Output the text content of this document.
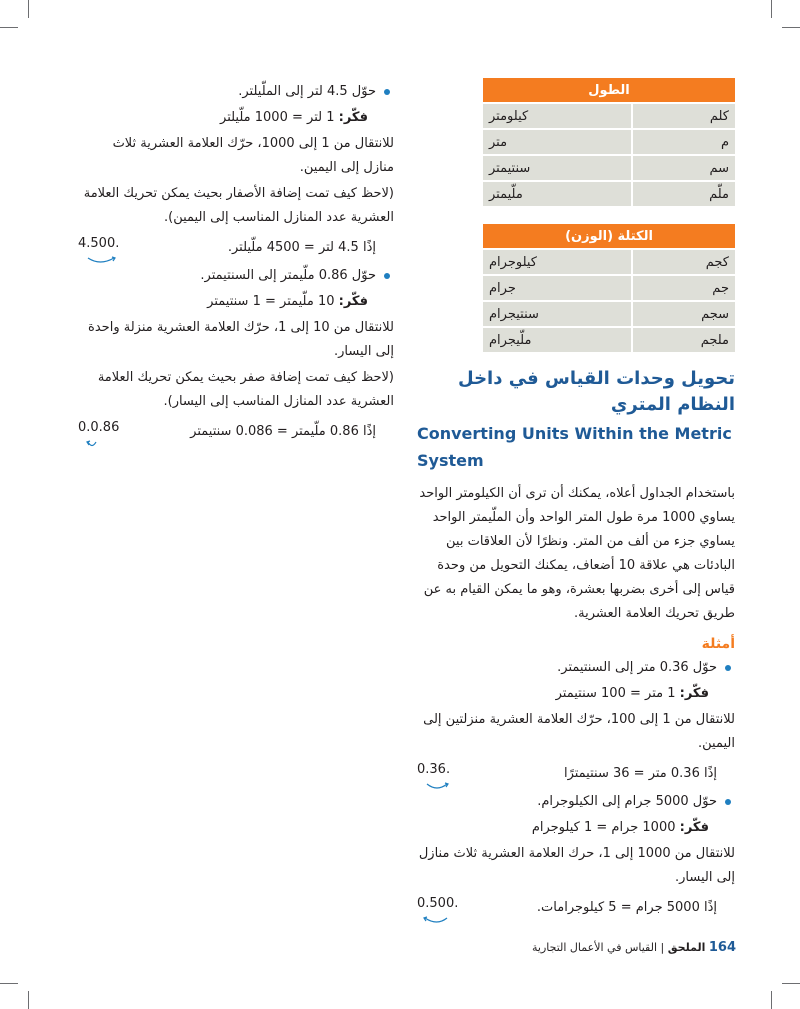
الطول	
كلم	كيلومتر
م	متر
سم	سنتيمتر
ملّم	ملّيمتر
الكتلة (الوزن)	
كجم	كيلوجرام
جم	جرام
سجم	سنتيجرام
ملجم	ملّيجرام
تحويل وحدات القياس في داخل النظام المتري
Converting Units Within the Metric System

باستخدام الجداول أعلاه، يمكنك أن ترى أن الكيلومتر الواحد يساوي 1000 مرة طول المتر الواحد وأن الملّيمتر الواحد يساوي جزء من ألف من المتر. ونظرًا لأن العلاقات بين البادئات هي علاقة 10 أضعاف، يمكنك التحويل من وحدة قياس إلى أخرى بضربها بعشرة، وهو ما يمكن القيام به عن طريق تحريك العلامة العشرية.

أمثلة
حوّل 0.36 متر إلى السنتيمتر.
فكّر: 1 متر = 100 سنتيمتر
للانتقال من 1 إلى 100، حرّك العلامة العشرية منزلتين إلى اليمين.
إذًا 0.36 متر = 36 سنتيمترًا
0.36.
حوّل 5000 جرام إلى الكيلوجرام.
فكّر: 1000 جرام = 1 كيلوجرام
للانتقال من 1000 إلى 1، حرك العلامة العشرية ثلاث منازل إلى اليسار.
إذًا 5000 جرام = 5 كيلوجرامات.
0.500.
حوّل 4.5 لتر إلى الملّيلتر.
فكّر: 1 لتر = 1000 ملّيلتر
للانتقال من 1 إلى 1000، حرّك العلامة العشرية ثلاث منازل إلى اليمين.
(لاحظ كيف تمت إضافة الأصفار بحيث يمكن تحريك العلامة العشرية عدد المنازل المناسب إلى اليمين).
إذًا 4.5 لتر = 4500 ملّيلتر.
4.500.
حوّل 0.86 ملّيمتر إلى السنتيمتر.
فكّر: 10 ملّيمتر = 1 سنتيمتر
للانتقال من 10 إلى 1، حرّك العلامة العشرية منزلة واحدة إلى اليسار.
(لاحظ كيف تمت إضافة صفر بحيث يمكن تحريك العلامة العشرية عدد المنازل المناسب إلى اليسار).
إذًا 0.86 ملّيمتر = 0.086 سنتيمتر
0.0.86
164 الملحق | القياس في الأعمال التجارية
